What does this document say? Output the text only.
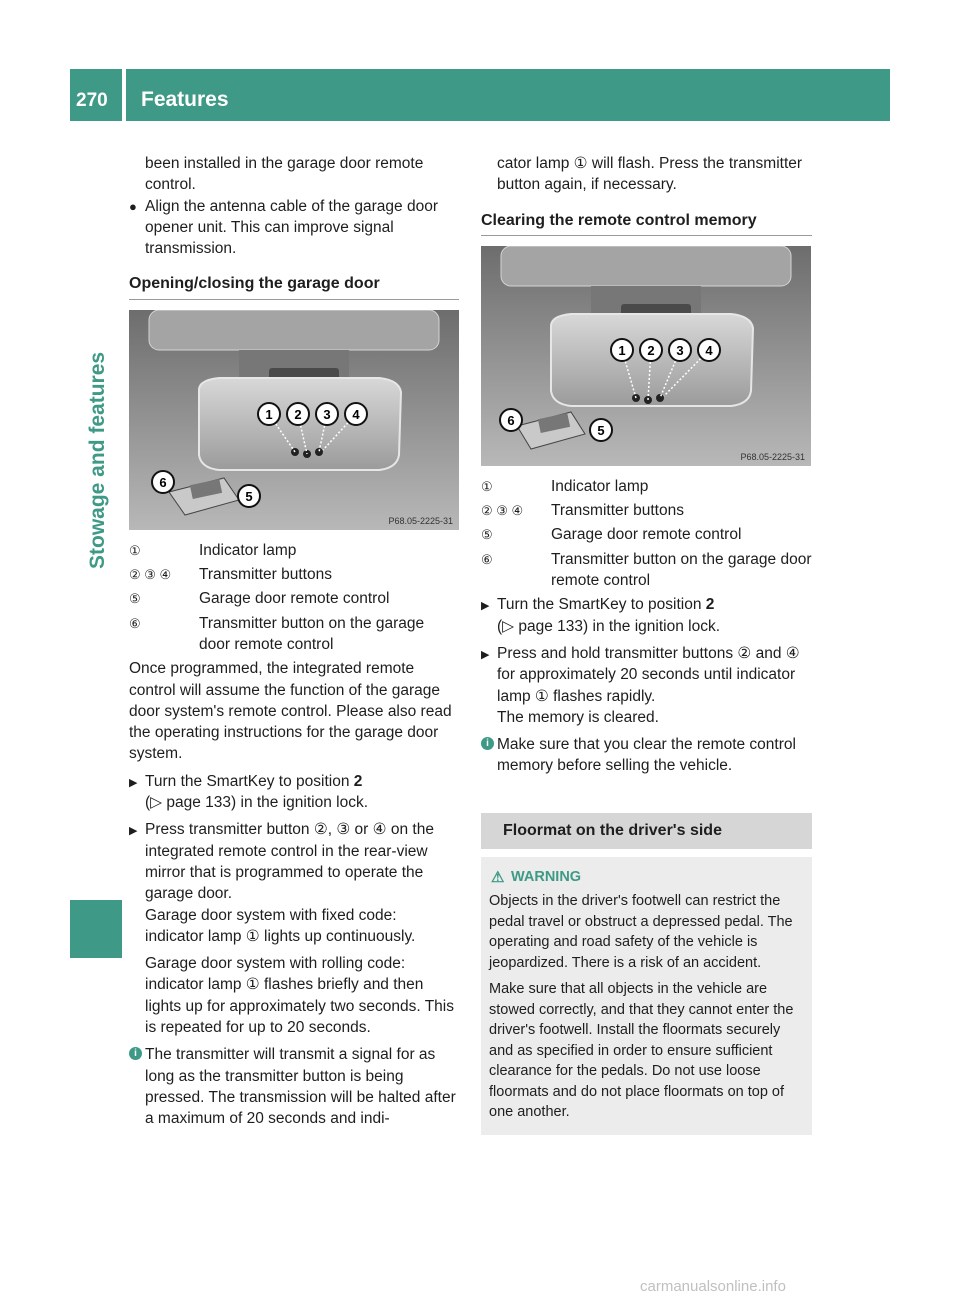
270 Features
Stowage and features

been installed in the garage door remote control.

● Align the antenna cable of the garage door opener unit. This can improve signal transmission.

Opening/closing the garage door
1 2 3 4
6
5
P68.05-2225-31
①	Indicator lamp
② ③ ④	Transmitter buttons
⑤	Garage door remote control
⑥	Transmitter button on the garage door remote control

Once programmed, the integrated remote control will assume the function of the garage door system's remote control. Please also read the operating instructions for the garage door system.

▶ Turn the SmartKey to position 2
(▷ page 133) in the ignition lock.

▶ Press transmitter button ②, ③ or ④ on the integrated remote control in the rear-view mirror that is programmed to operate the garage door.

Garage door system with fixed code: indicator lamp ① lights up continuously.

Garage door system with rolling code: indicator lamp ① flashes briefly and then lights up for approximately two seconds. This is repeated for up to 20 seconds.

i The transmitter will transmit a signal for as long as the transmitter button is being pressed. The transmission will be halted after a maximum of 20 seconds and indi-

cator lamp ① will flash. Press the transmitter button again, if necessary.

Clearing the remote control memory
1 2 3 4
6
5
P68.05-2225-31
①	Indicator lamp
② ③ ④	Transmitter buttons
⑤	Garage door remote control
⑥	Transmitter button on the garage door remote control

▶ Turn the SmartKey to position 2
(▷ page 133) in the ignition lock.

▶ Press and hold transmitter buttons ② and ④ for approximately 20 seconds until indicator lamp ① flashes rapidly.

The memory is cleared.

i Make sure that you clear the remote control memory before selling the vehicle.

Floormat on the driver's side
⚠ WARNING

Objects in the driver's footwell can restrict the pedal travel or obstruct a depressed pedal. The operating and road safety of the vehicle is jeopardized. There is a risk of an accident.

Make sure that all objects in the vehicle are stowed correctly, and that they cannot enter the driver's footwell. Install the floormats securely and as specified in order to ensure sufficient clearance for the pedals. Do not use loose floormats and do not place floormats on top of one another.

carmanualsonline.info
